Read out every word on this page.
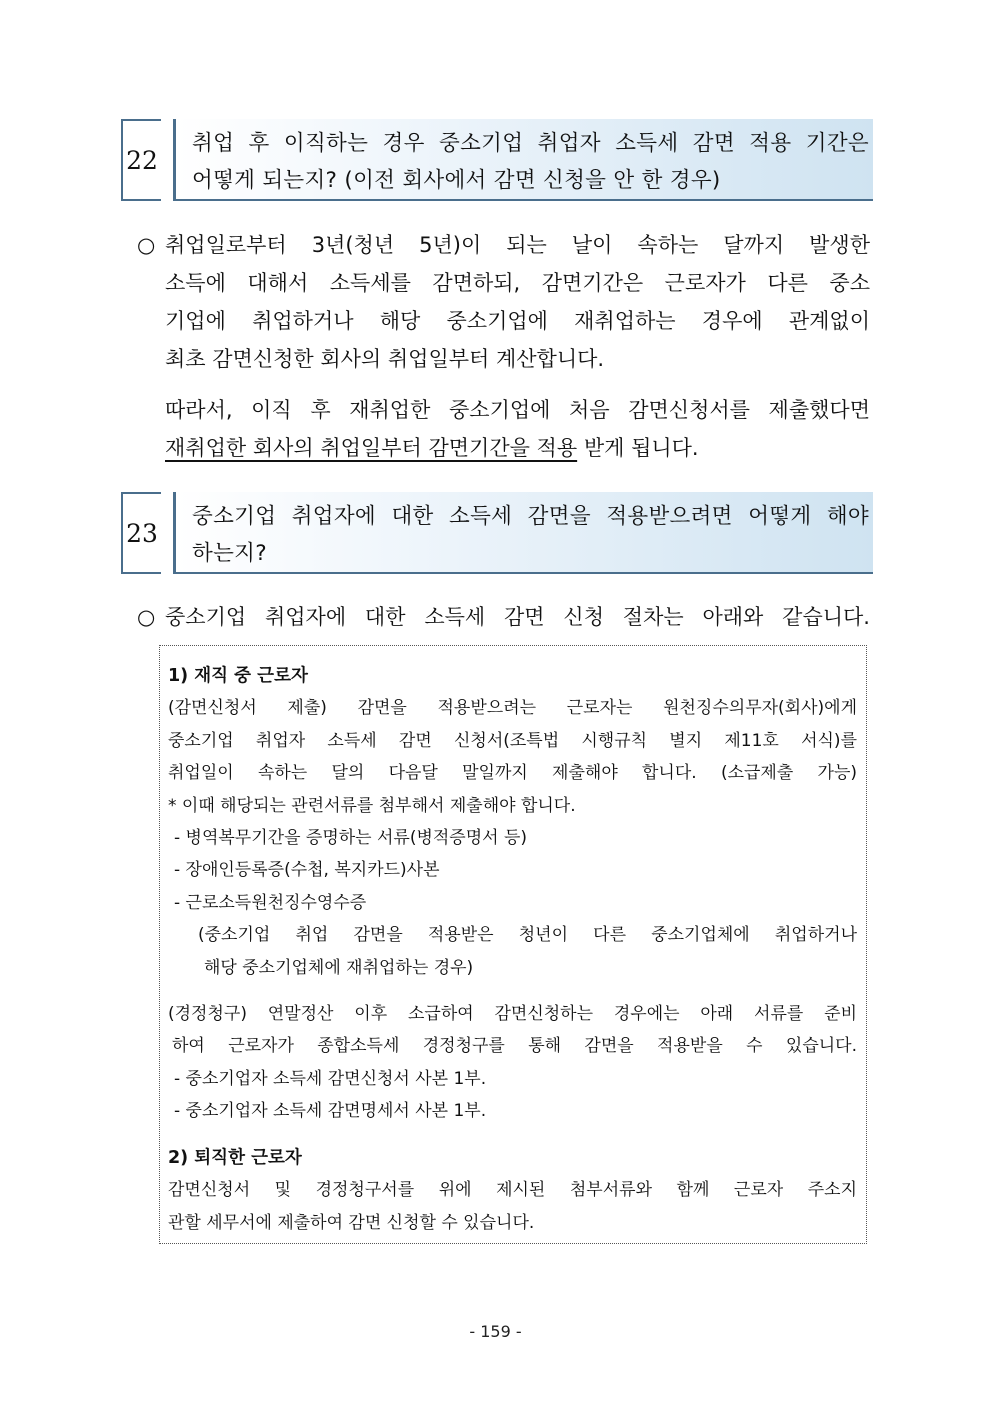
22
취업 후 이직하는 경우 중소기업 취업자 소득세 감면 적용 기간은
어떻게 되는지? (이전 회사에서 감면 신청을 안 한 경우)
○ 취업일로부터 3년(청년 5년)이 되는 날이 속하는 달까지 발생한
소득에 대해서 소득세를 감면하되, 감면기간은 근로자가 다른 중소
기업에 취업하거나 해당 중소기업에 재취업하는 경우에 관계없이
최초 감면신청한 회사의 취업일부터 계산합니다.
따라서, 이직 후 재취업한 중소기업에 처음 감면신청서를 제출했다면
재취업한 회사의 취업일부터 감면기간을 적용 받게 됩니다.
23
중소기업 취업자에 대한 소득세 감면을 적용받으려면 어떻게 해야
하는지?
○ 중소기업 취업자에 대한 소득세 감면 신청 절차는 아래와 같습니다.
1) 재직 중 근로자
(감면신청서 제출) 감면을 적용받으려는 근로자는 원천징수의무자(회사)에게
중소기업 취업자 소득세 감면 신청서(조특법 시행규칙 별지 제11호 서식)를
취업일이 속하는 달의 다음달 말일까지 제출해야 합니다. (소급제출 가능)
* 이때 해당되는 관련서류를 첨부해서 제출해야 합니다.
- 병역복무기간을 증명하는 서류(병적증명서 등)
- 장애인등록증(수첩, 복지카드)사본
- 근로소득원천징수영수증
(중소기업 취업 감면을 적용받은 청년이 다른 중소기업체에 취업하거나
해당 중소기업체에 재취업하는 경우)
(경정청구) 연말정산 이후 소급하여 감면신청하는 경우에는 아래 서류를 준비
하여 근로자가 종합소득세 경정청구를 통해 감면을 적용받을 수 있습니다.
- 중소기업자 소득세 감면신청서 사본 1부.
- 중소기업자 소득세 감면명세서 사본 1부.
2) 퇴직한 근로자
감면신청서 및 경정청구서를 위에 제시된 첨부서류와 함께 근로자 주소지
관할 세무서에 제출하여 감면 신청할 수 있습니다.
- 159 -
